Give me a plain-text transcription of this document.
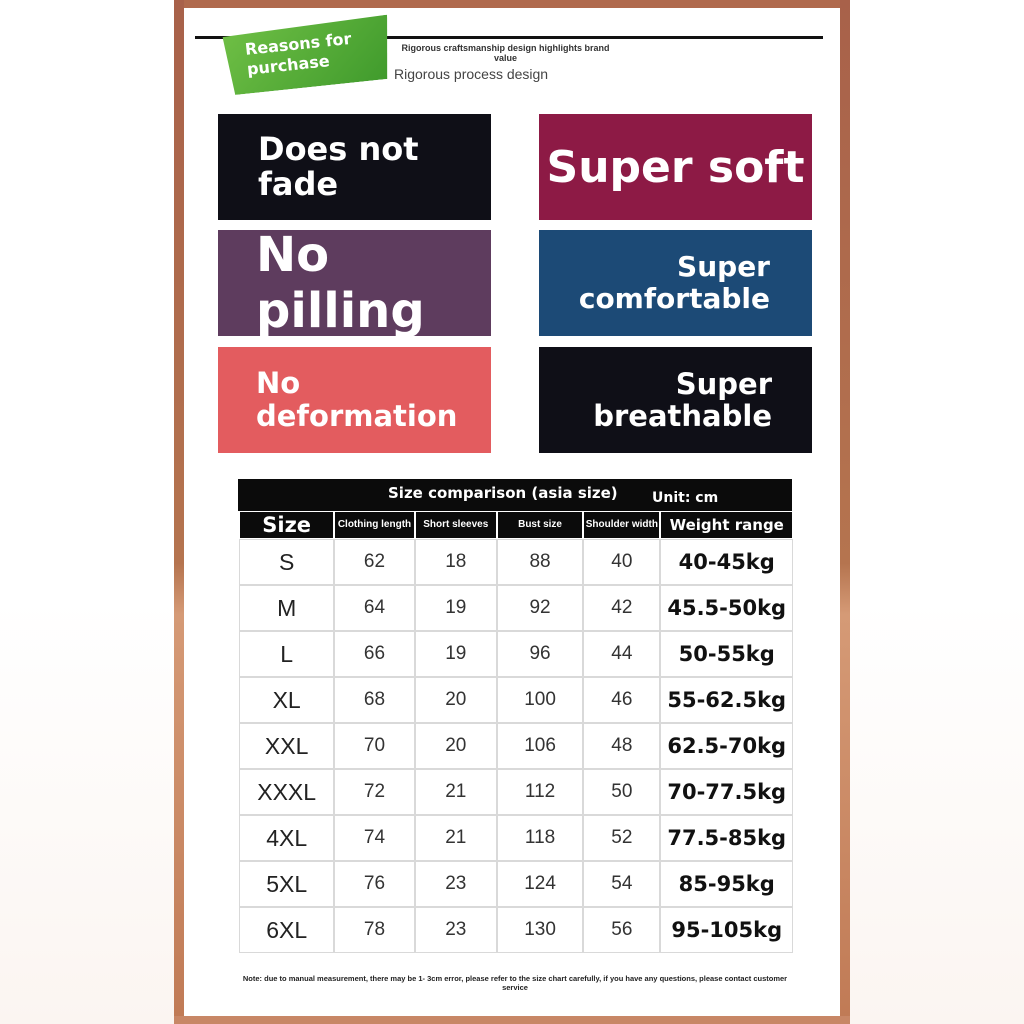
Reasons for purchase
Rigorous craftsmanship design highlights brand value
Rigorous process design
Does not
fade	Super soft
No pilling
Super
comfortable
No
deformation
Super
breathable
Size comparison (asia size) Unit: cm
Size	Clothing length	Short sleeves	Bust size	Shoulder width	Weight range
S	62	18	88	40	40-45kg
M	64	19	92	42	45.5-50kg
L	66	19	96	44	50-55kg
XL	68	20	100	46	55-62.5kg
XXL	70	20	106	48	62.5-70kg
XXXL	72	21	112	50	70-77.5kg
4XL	74	21	118	52	77.5-85kg
5XL	76	23	124	54	85-95kg
6XL	78	23	130	56	95-105kg
Note: due to manual measurement, there may be 1- 3cm error, please refer to the size chart carefully, if you have any questions, please contact customer service
